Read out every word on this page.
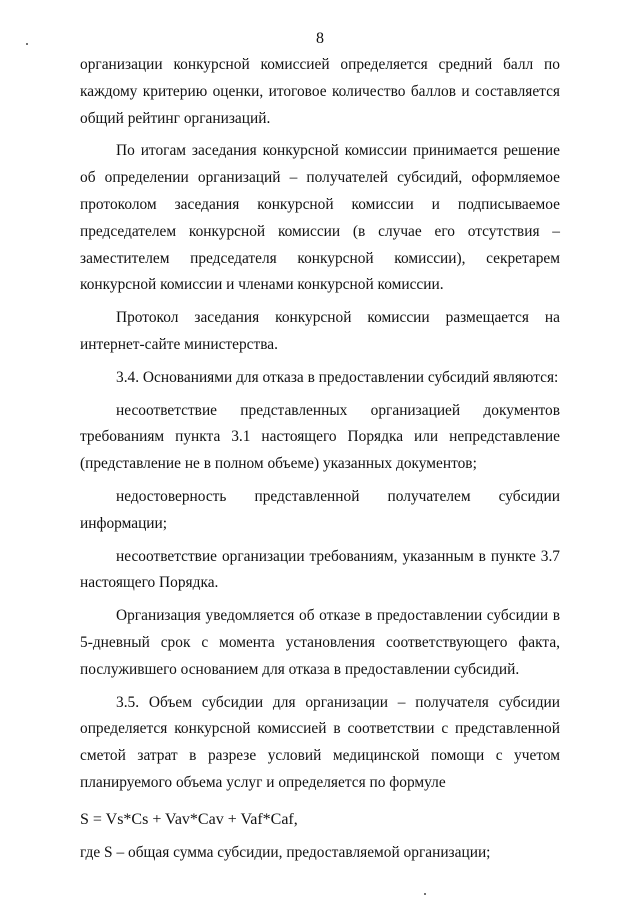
8

организации конкурсной комиссией определяется средний балл по каждому критерию оценки, итоговое количество баллов и составляется общий рейтинг организаций.

По итогам заседания конкурсной комиссии принимается решение об определении организаций – получателей субсидий, оформляемое протоколом заседания конкурсной комиссии и подписываемое председателем конкурсной комиссии (в случае его отсутствия – заместителем председателя конкурсной комиссии), секретарем конкурсной комиссии и членами конкурсной комиссии.

Протокол заседания конкурсной комиссии размещается на интернет-сайте министерства.

3.4. Основаниями для отказа в предоставлении субсидий являются:

несоответствие представленных организацией документов требованиям пункта 3.1 настоящего Порядка или непредставление (представление не в полном объеме) указанных документов;

недостоверность представленной получателем субсидии информации;

несоответствие организации требованиям, указанным в пункте 3.7 настоящего Порядка.

Организация уведомляется об отказе в предоставлении субсидии в 5-дневный срок с момента установления соответствующего факта, послужившего основанием для отказа в предоставлении субсидий.

3.5. Объем субсидии для организации – получателя субсидии определяется конкурсной комиссией в соответствии с представленной сметой затрат в разрезе условий медицинской помощи с учетом планируемого объема услуг и определяется по формуле

S = Vs*Cs + Vav*Cav + Vaf*Caf,

где S – общая сумма субсидии, предоставляемой организации;
